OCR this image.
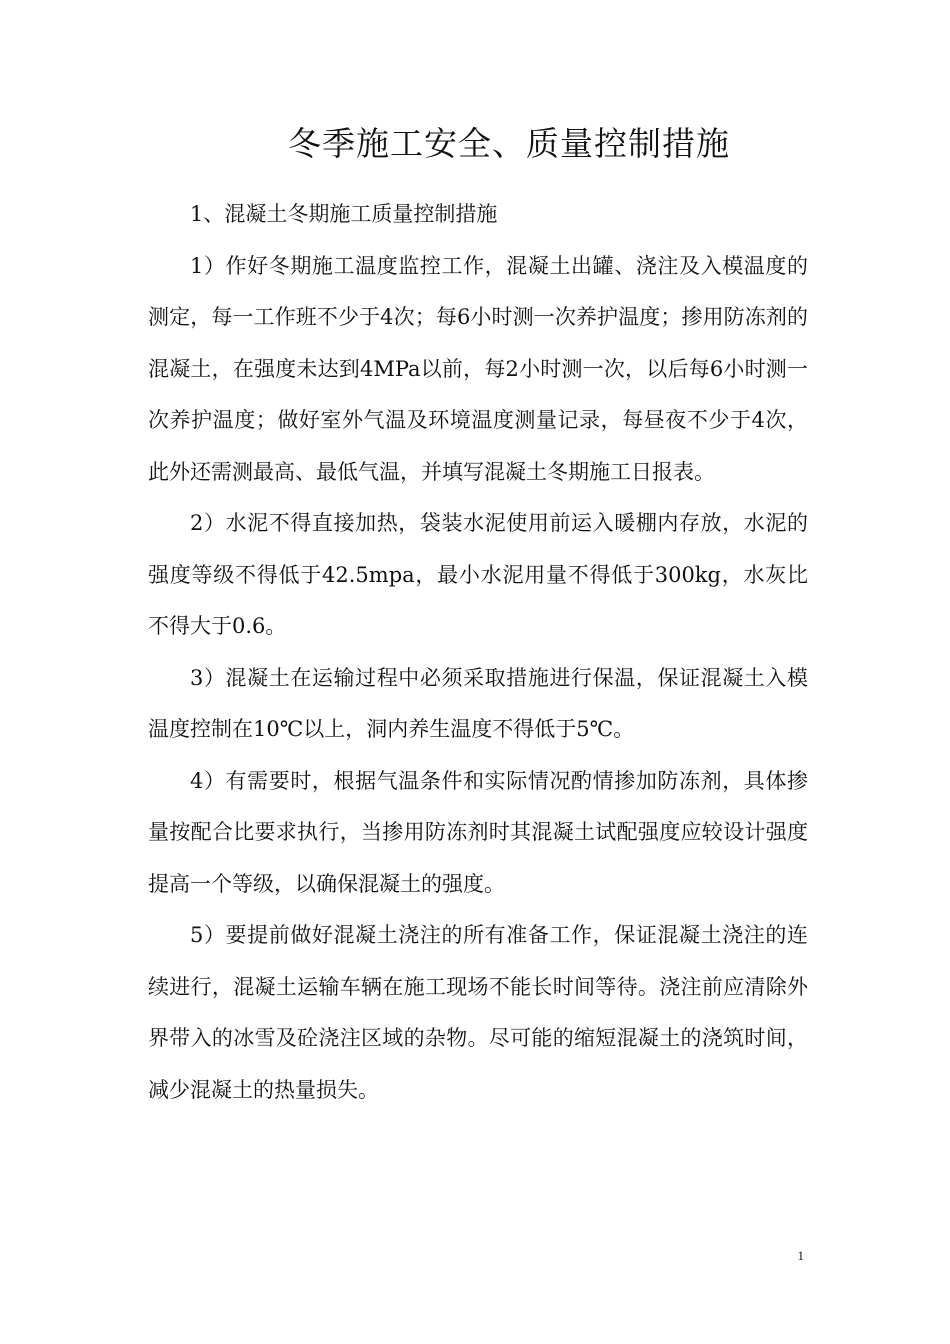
冬季施工安全、质量控制措施

1、混凝土冬期施工质量控制措施

1）作好冬期施工温度监控工作，混凝土出罐、浇注及入模温度的测定，每一工作班不少于4次；每6小时测一次养护温度；掺用防冻剂的混凝土，在强度未达到4MPa以前，每2小时测一次，以后每6小时测一次养护温度；做好室外气温及环境温度测量记录，每昼夜不少于4次，此外还需测最高、最低气温，并填写混凝土冬期施工日报表。

2）水泥不得直接加热，袋装水泥使用前运入暖棚内存放，水泥的强度等级不得低于42.5mpa，最小水泥用量不得低于300kg，水灰比不得大于0.6。

3）混凝土在运输过程中必须采取措施进行保温，保证混凝土入模温度控制在10℃以上，洞内养生温度不得低于5℃。

4）有需要时，根据气温条件和实际情况酌情掺加防冻剂，具体掺量按配合比要求执行，当掺用防冻剂时其混凝土试配强度应较设计强度提高一个等级，以确保混凝土的强度。

5）要提前做好混凝土浇注的所有准备工作，保证混凝土浇注的连续进行，混凝土运输车辆在施工现场不能长时间等待。浇注前应清除外界带入的冰雪及砼浇注区域的杂物。尽可能的缩短混凝土的浇筑时间，减少混凝土的热量损失。

1
